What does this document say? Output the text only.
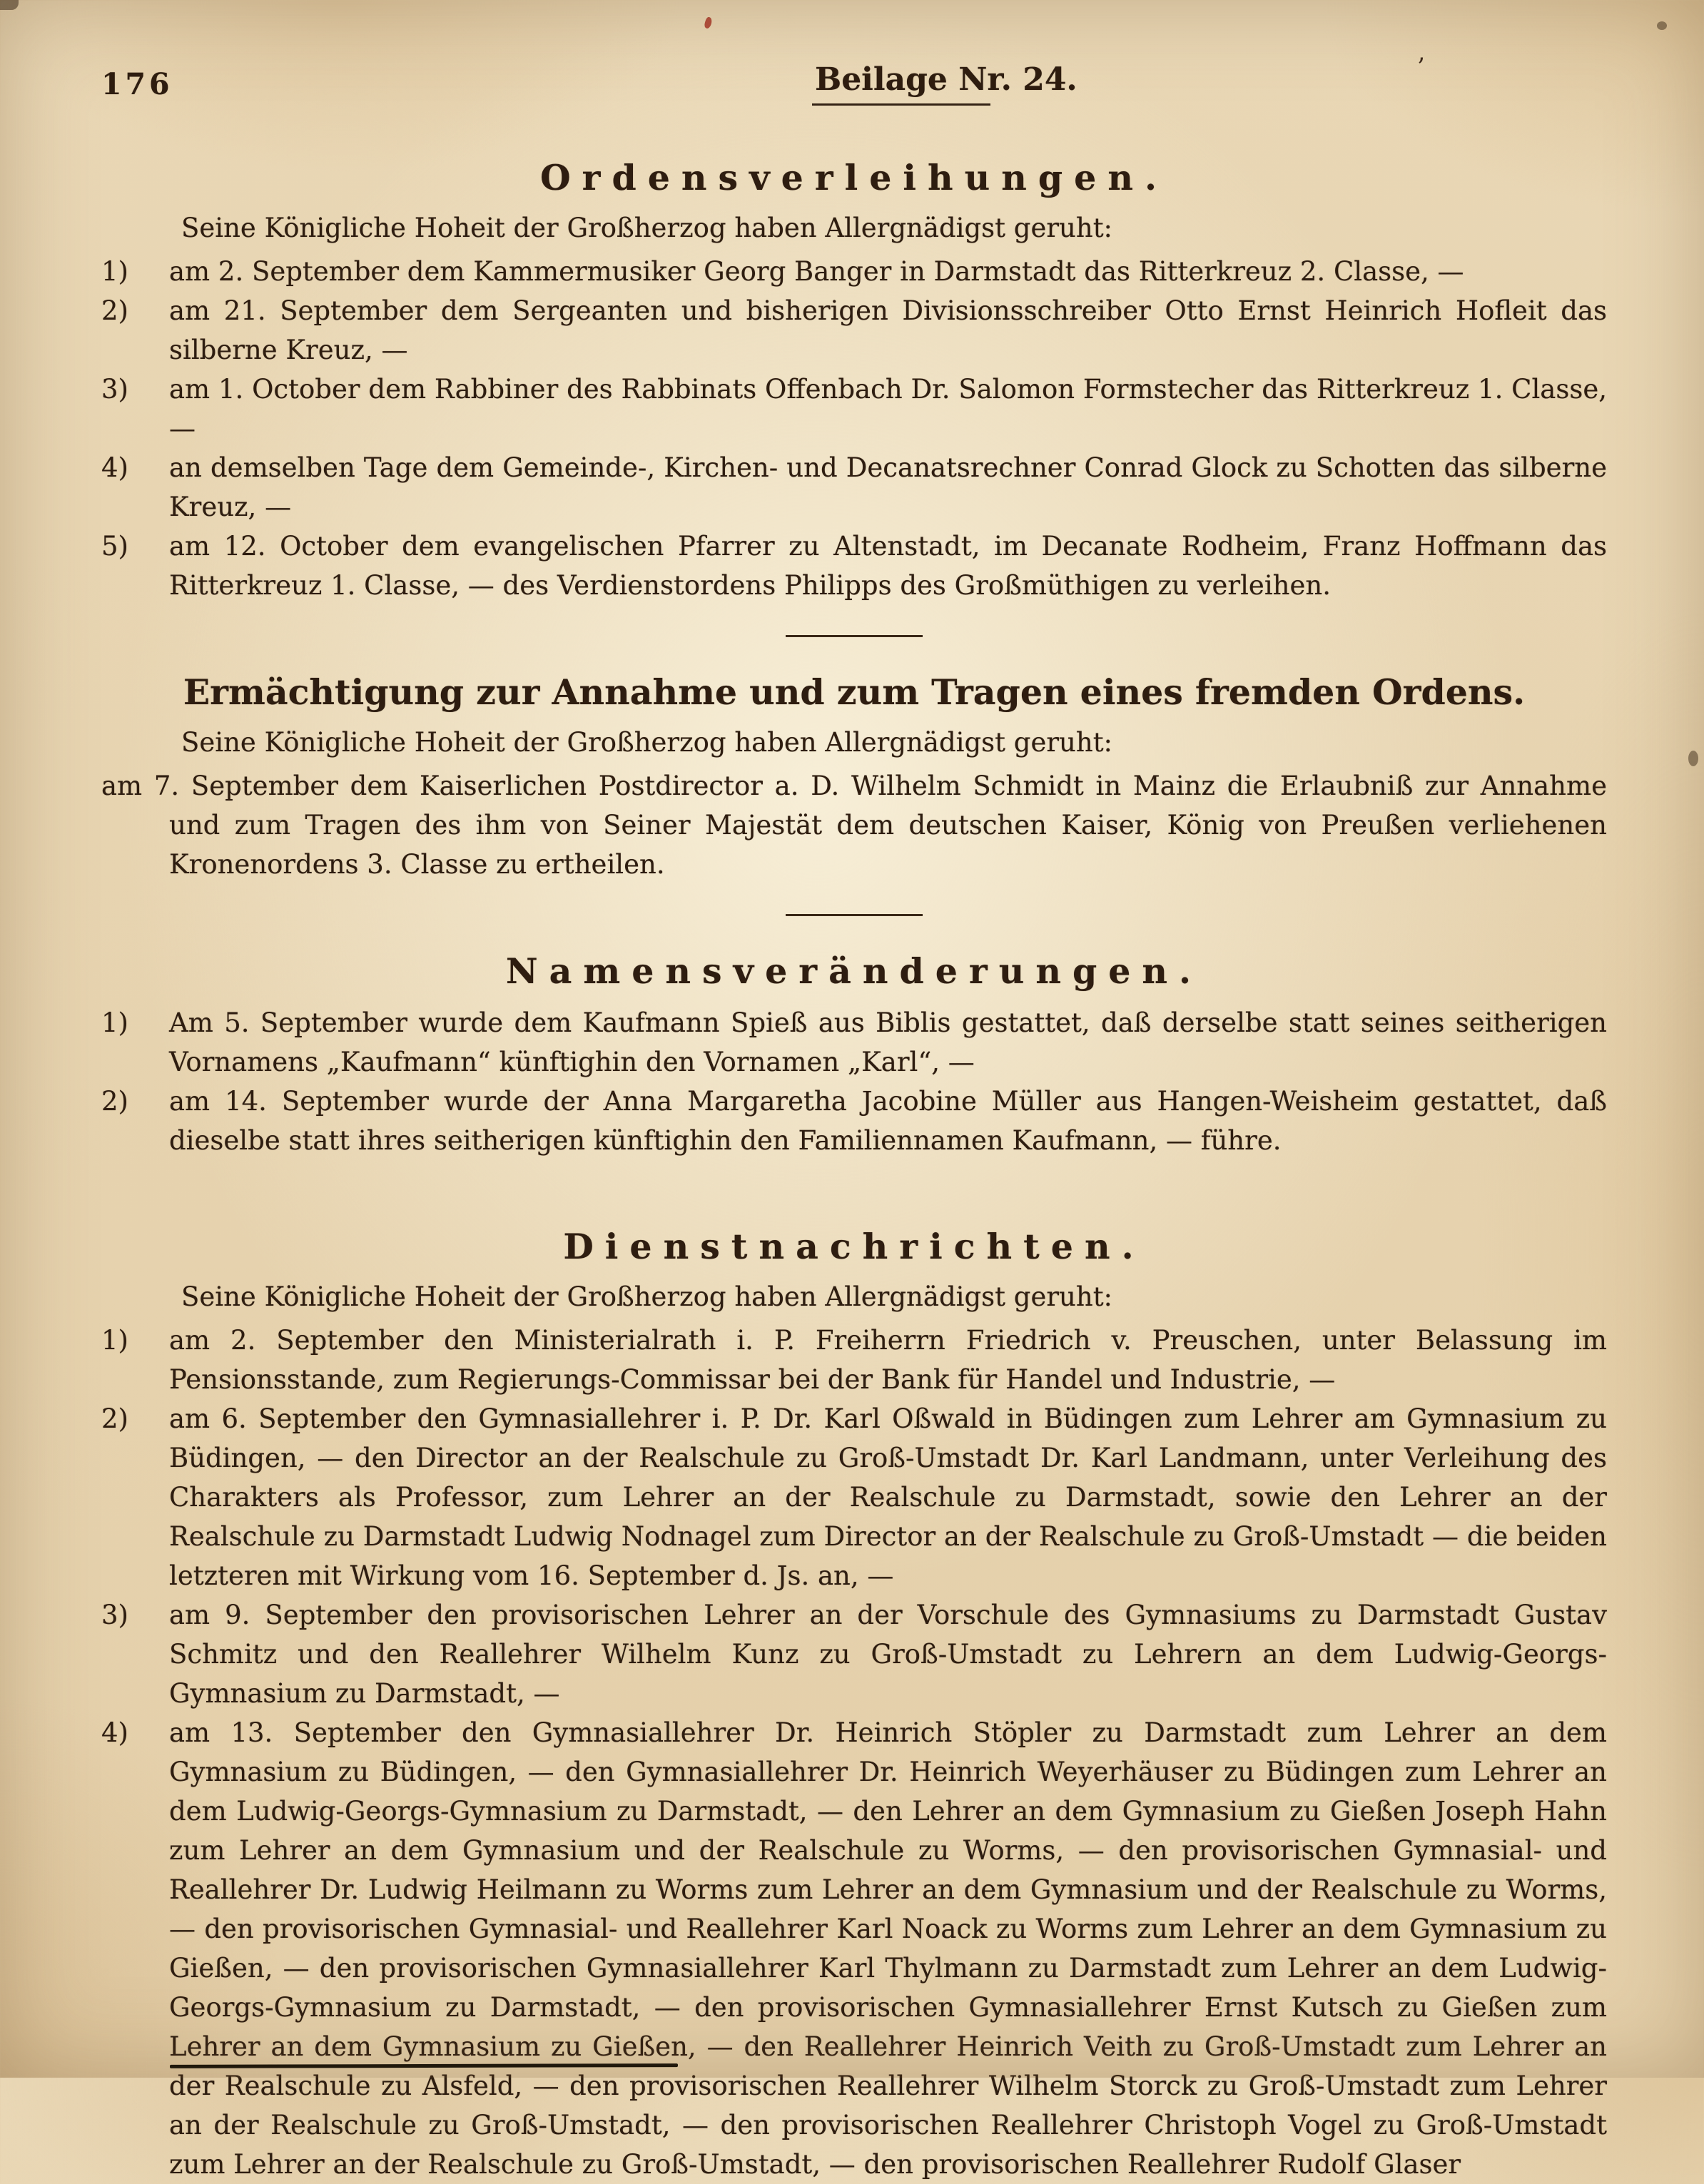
176	Beilage Nr. 24.
Ordensverleihungen.

Seine Königliche Hoheit der Großherzog haben Allergnädigst geruht:

1) am 2. September dem Kammermusiker Georg Banger in Darmstadt das Ritterkreuz 2. Classe, —

2) am 21. September dem Sergeanten und bisherigen Divisionsschreiber Otto Ernst Heinrich Hofleit das silberne Kreuz, —

3) am 1. October dem Rabbiner des Rabbinats Offenbach Dr. Salomon Formstecher das Ritterkreuz 1. Classe, —

4) an demselben Tage dem Gemeinde-, Kirchen- und Decanatsrechner Conrad Glock zu Schotten das silberne Kreuz, —

5) am 12. October dem evangelischen Pfarrer zu Altenstadt, im Decanate Rodheim, Franz Hoffmann das Ritterkreuz 1. Classe, — des Verdienstordens Philipps des Großmüthigen zu verleihen.

Ermächtigung zur Annahme und zum Tragen eines fremden Ordens.

Seine Königliche Hoheit der Großherzog haben Allergnädigst geruht:

am 7. September dem Kaiserlichen Postdirector a. D. Wilhelm Schmidt in Mainz die Erlaubniß zur Annahme und zum Tragen des ihm von Seiner Majestät dem deutschen Kaiser, König von Preußen verliehenen Kronenordens 3. Classe zu ertheilen.

Namensveränderungen.

1) Am 5. September wurde dem Kaufmann Spieß aus Biblis gestattet, daß derselbe statt seines seitherigen Vornamens „Kaufmann“ künftighin den Vornamen „Karl“, —

2) am 14. September wurde der Anna Margaretha Jacobine Müller aus Hangen-Weisheim gestattet, daß dieselbe statt ihres seitherigen künftighin den Familiennamen Kaufmann, — führe.

Dienstnachrichten.

Seine Königliche Hoheit der Großherzog haben Allergnädigst geruht:

1) am 2. September den Ministerialrath i. P. Freiherrn Friedrich v. Preuschen, unter Belassung im Pensionsstande, zum Regierungs-Commissar bei der Bank für Handel und Industrie, —

2) am 6. September den Gymnasiallehrer i. P. Dr. Karl Oßwald in Büdingen zum Lehrer am Gymnasium zu Büdingen, — den Director an der Realschule zu Groß-Umstadt Dr. Karl Landmann, unter Verleihung des Charakters als Professor, zum Lehrer an der Realschule zu Darmstadt, sowie den Lehrer an der Realschule zu Darmstadt Ludwig Nodnagel zum Director an der Realschule zu Groß-Umstadt — die beiden letzteren mit Wirkung vom 16. September d. Js. an, —

3) am 9. September den provisorischen Lehrer an der Vorschule des Gymnasiums zu Darmstadt Gustav Schmitz und den Reallehrer Wilhelm Kunz zu Groß-Umstadt zu Lehrern an dem Ludwig-Georgs-Gymnasium zu Darmstadt, —

4) am 13. September den Gymnasiallehrer Dr. Heinrich Stöpler zu Darmstadt zum Lehrer an dem Gymnasium zu Büdingen, — den Gymnasiallehrer Dr. Heinrich Weyerhäuser zu Büdingen zum Lehrer an dem Ludwig-Georgs-Gymnasium zu Darmstadt, — den Lehrer an dem Gymnasium zu Gießen Joseph Hahn zum Lehrer an dem Gymnasium und der Realschule zu Worms, — den provisorischen Gymnasial- und Reallehrer Dr. Ludwig Heilmann zu Worms zum Lehrer an dem Gymnasium und der Realschule zu Worms, — den provisorischen Gymnasial- und Reallehrer Karl Noack zu Worms zum Lehrer an dem Gymnasium zu Gießen, — den provisorischen Gymnasiallehrer Karl Thylmann zu Darmstadt zum Lehrer an dem Ludwig-Georgs-Gymnasium zu Darmstadt, — den provisorischen Gymnasiallehrer Ernst Kutsch zu Gießen zum Lehrer an dem Gymnasium zu Gießen, — den Reallehrer Heinrich Veith zu Groß-Umstadt zum Lehrer an der Realschule zu Alsfeld, — den provisorischen Reallehrer Wilhelm Storck zu Groß-Umstadt zum Lehrer an der Realschule zu Groß-Umstadt, — den provisorischen Reallehrer Christoph Vogel zu Groß-Umstadt zum Lehrer an der Realschule zu Groß-Umstadt, — den provisorischen Reallehrer Rudolf Glaser

’
